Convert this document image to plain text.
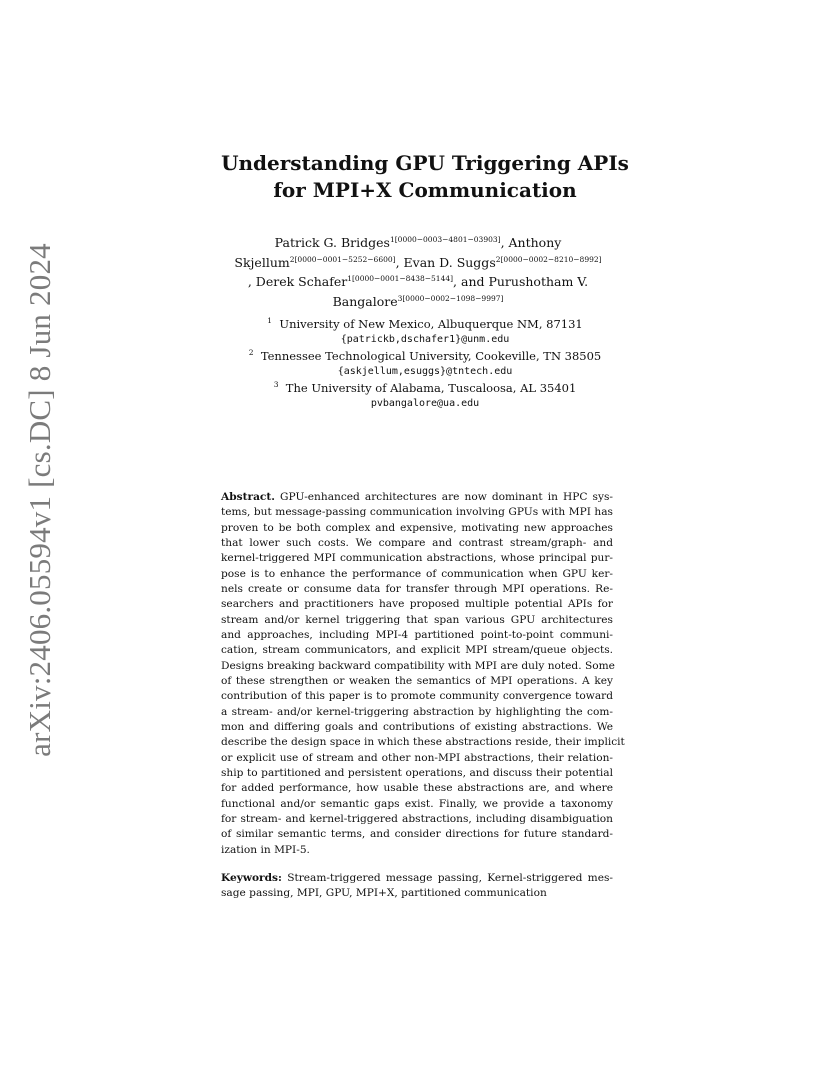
arXiv:2406.05594v1 [cs.DC] 8 Jun 2024
Understanding GPU Triggering APIs
for MPI+X Communication
Patrick G. Bridges$^{1[0000-0003-4801-03903]}$, Anthony
Skjellum$^{2[0000-0001-5252-6600]}$, Evan D. Suggs$^{2[0000-0002-8210-8992]}$
, Derek Schafer$^{1[0000-0001-8438-5144]}$, and Purushotham V.
Bangalore$^{3[0000-0002-1098-9997]}$
$^1$ University of New Mexico, Albuquerque NM, 87131
{patrickb,dschafer1}@unm.edu
$^2$ Tennessee Technological University, Cookeville, TN 38505
{askjellum,esuggs}@tntech.edu
$^3$ The University of Alabama, Tuscaloosa, AL 35401
pvbangalore@ua.edu
Abstract. GPU-enhanced architectures are now dominant in HPC sys-
tems, but message-passing communication involving GPUs with MPI has
proven to be both complex and expensive, motivating new approaches
that lower such costs. We compare and contrast stream/graph- and
kernel-triggered MPI communication abstractions, whose principal pur-
pose is to enhance the performance of communication when GPU ker-
nels create or consume data for transfer through MPI operations. Re-
searchers and practitioners have proposed multiple potential APIs for
stream and/or kernel triggering that span various GPU architectures
and approaches, including MPI-4 partitioned point-to-point communi-
cation, stream communicators, and explicit MPI stream/queue objects.
Designs breaking backward compatibility with MPI are duly noted. Some
of these strengthen or weaken the semantics of MPI operations. A key
contribution of this paper is to promote community convergence toward
a stream- and/or kernel-triggering abstraction by highlighting the com-
mon and differing goals and contributions of existing abstractions. We
describe the design space in which these abstractions reside, their implicit
or explicit use of stream and other non-MPI abstractions, their relation-
ship to partitioned and persistent operations, and discuss their potential
for added performance, how usable these abstractions are, and where
functional and/or semantic gaps exist. Finally, we provide a taxonomy
for stream- and kernel-triggered abstractions, including disambiguation
of similar semantic terms, and consider directions for future standard-
ization in MPI-5.
Keywords: Stream-triggered message passing, Kernel-striggered mes-
sage passing, MPI, GPU, MPI+X, partitioned communication
